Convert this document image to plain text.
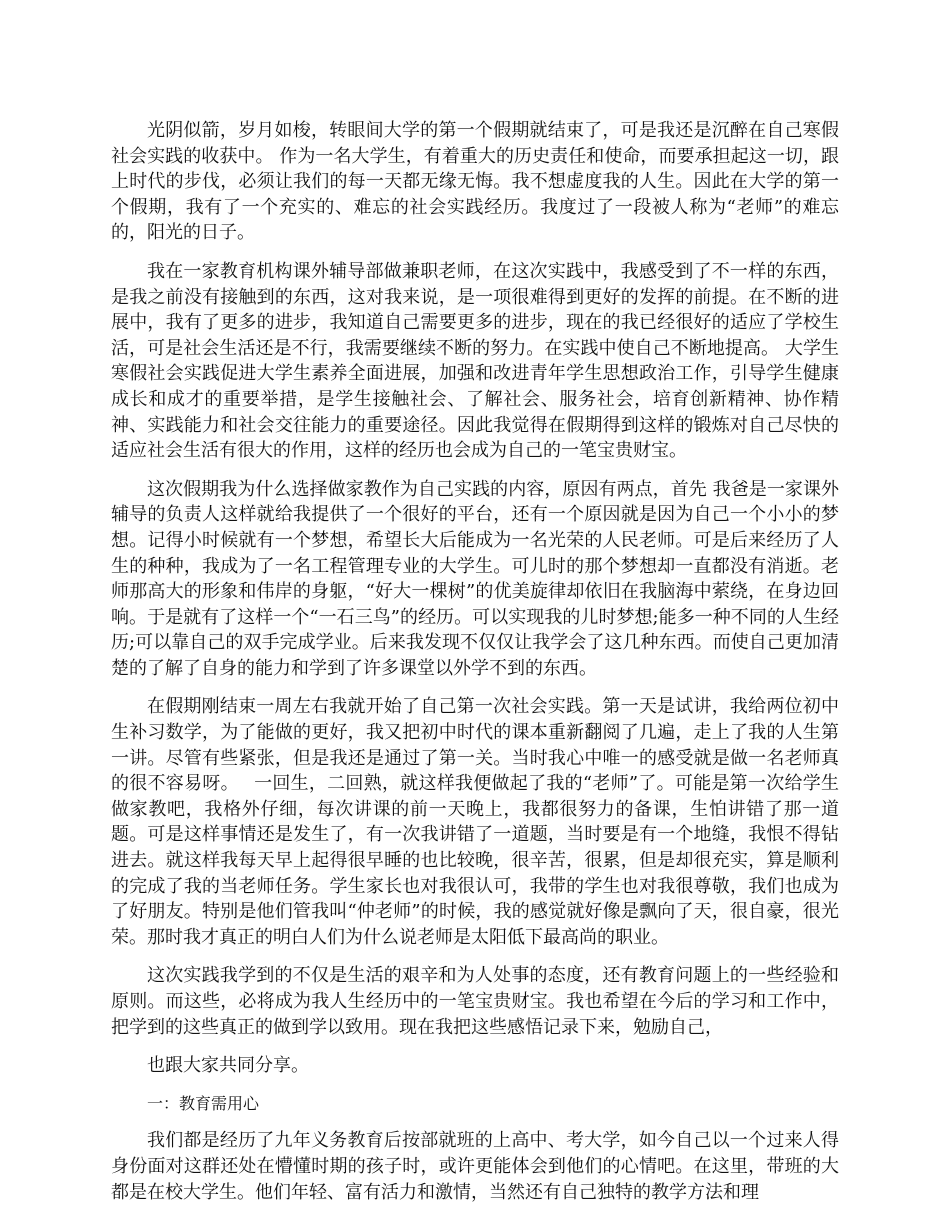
光阴似箭，岁月如梭，转眼间大学的第一个假期就结束了，可是我还是沉醉在自己寒假社会实践的收获中。 作为一名大学生，有着重大的历史责任和使命，而要承担起这一切，跟上时代的步伐，必须让我们的每一天都无缘无悔。我不想虚度我的人生。因此在大学的第一个假期，我有了一个充实的、难忘的社会实践经历。我度过了一段被人称为“老师”的难忘的，阳光的日子。

我在一家教育机构课外辅导部做兼职老师，在这次实践中，我感受到了不一样的东西，是我之前没有接触到的东西，这对我来说，是一项很难得到更好的发挥的前提。在不断的进展中，我有了更多的进步，我知道自己需要更多的进步，现在的我已经很好的适应了学校生活，可是社会生活还是不行，我需要继续不断的努力。在实践中使自己不断地提高。 大学生寒假社会实践促进大学生素养全面进展，加强和改进青年学生思想政治工作，引导学生健康成长和成才的重要举措，是学生接触社会、了解社会、服务社会，培育创新精神、协作精神、实践能力和社会交往能力的重要途径。因此我觉得在假期得到这样的锻炼对自己尽快的适应社会生活有很大的作用，这样的经历也会成为自己的一笔宝贵财宝。

这次假期我为什么选择做家教作为自己实践的内容，原因有两点，首先 我爸是一家课外辅导的负责人这样就给我提供了一个很好的平台，还有一个原因就是因为自己一个小小的梦想。记得小时候就有一个梦想，希望长大后能成为一名光荣的人民老师。可是后来经历了人生的种种，我成为了一名工程管理专业的大学生。可儿时的那个梦想却一直都没有消逝。老师那高大的形象和伟岸的身躯，“好大一棵树”的优美旋律却依旧在我脑海中萦绕，在身边回响。于是就有了这样一个“一石三鸟”的经历。可以实现我的儿时梦想;能多一种不同的人生经历;可以靠自己的双手完成学业。后来我发现不仅仅让我学会了这几种东西。而使自己更加清楚的了解了自身的能力和学到了许多课堂以外学不到的东西。

在假期刚结束一周左右我就开始了自己第一次社会实践。第一天是试讲，我给两位初中生补习数学，为了能做的更好，我又把初中时代的课本重新翻阅了几遍，走上了我的人生第一讲。尽管有些紧张，但是我还是通过了第一关。当时我心中唯一的感受就是做一名老师真的很不容易呀。　 一回生，二回熟，就这样我便做起了我的“老师”了。可能是第一次给学生做家教吧，我格外仔细，每次讲课的前一天晚上，我都很努力的备课，生怕讲错了那一道题。可是这样事情还是发生了，有一次我讲错了一道题，当时要是有一个地缝，我恨不得钻进去。就这样我每天早上起得很早睡的也比较晚，很辛苦，很累，但是却很充实，算是顺利的完成了我的当老师任务。学生家长也对我很认可，我带的学生也对我很尊敬，我们也成为了好朋友。特别是他们管我叫“仲老师”的时候，我的感觉就好像是飘向了天，很自豪，很光荣。那时我才真正的明白人们为什么说老师是太阳低下最高尚的职业。

这次实践我学到的不仅是生活的艰辛和为人处事的态度，还有教育问题上的一些经验和原则。而这些，必将成为我人生经历中的一笔宝贵财宝。我也希望在今后的学习和工作中，把学到的这些真正的做到学以致用。现在我把这些感悟记录下来，勉励自己，

也跟大家共同分享。

一：教育需用心

我们都是经历了九年义务教育后按部就班的上高中、考大学，如今自己以一个过来人得身份面对这群还处在懵懂时期的孩子时，或许更能体会到他们的心情吧。在这里，带班的大都是在校大学生。他们年轻、富有活力和激情，当然还有自己独特的教学方法和理
